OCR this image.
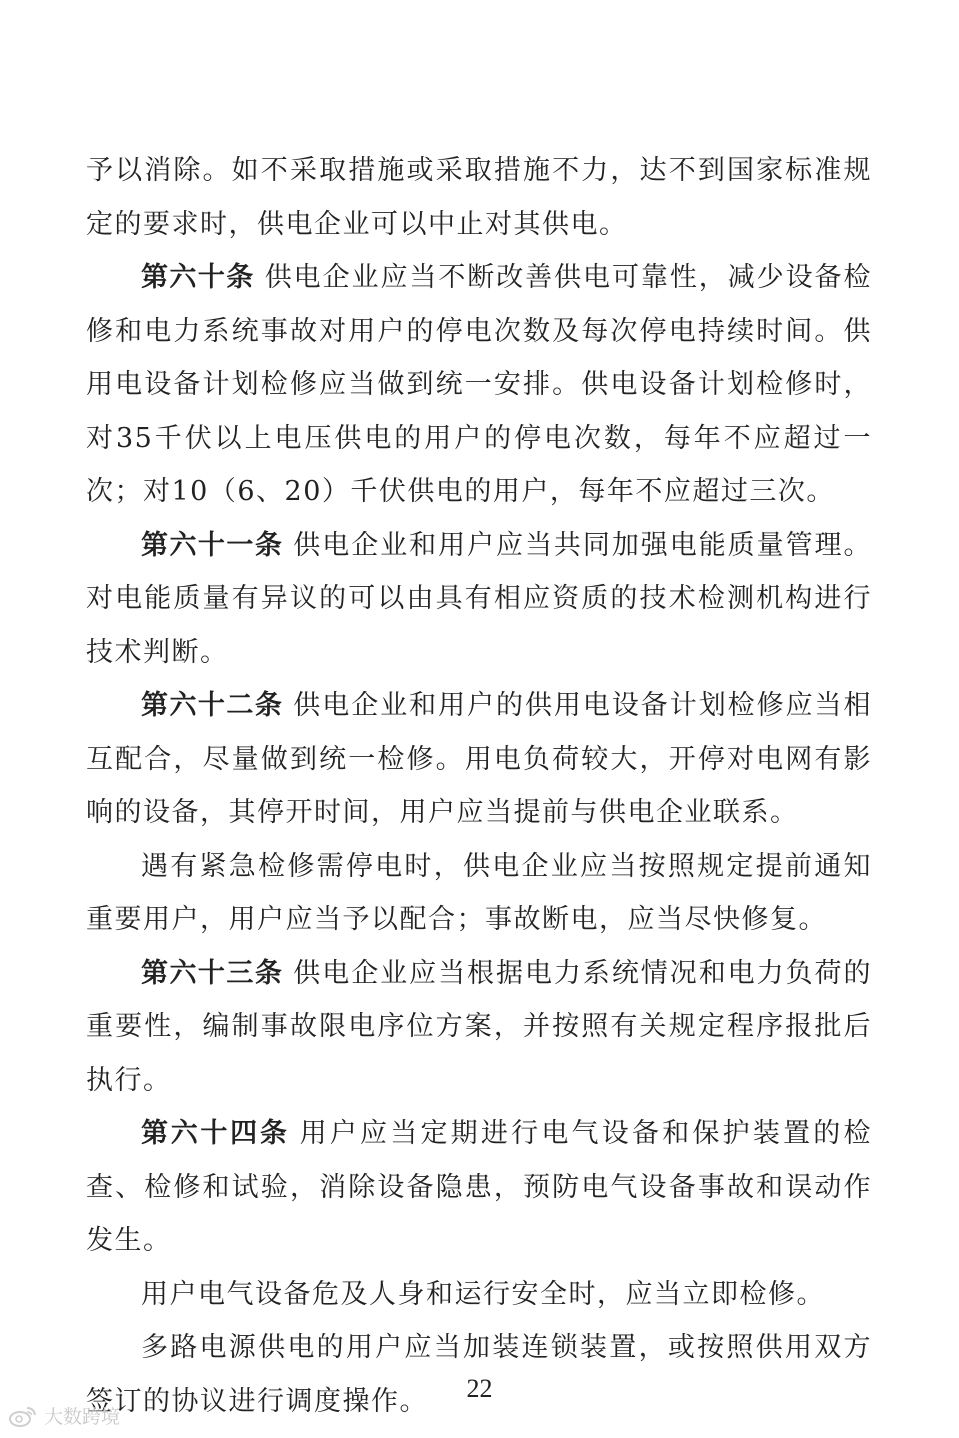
予以消除。如不采取措施或采取措施不力，达不到国家标准规定的要求时，供电企业可以中止对其供电。

第六十条 供电企业应当不断改善供电可靠性，减少设备检修和电力系统事故对用户的停电次数及每次停电持续时间。供用电设备计划检修应当做到统一安排。供电设备计划检修时，对35千伏以上电压供电的用户的停电次数，每年不应超过一次；对10（6、20）千伏供电的用户，每年不应超过三次。

第六十一条 供电企业和用户应当共同加强电能质量管理。对电能质量有异议的可以由具有相应资质的技术检测机构进行技术判断。

第六十二条 供电企业和用户的供用电设备计划检修应当相互配合，尽量做到统一检修。用电负荷较大，开停对电网有影响的设备，其停开时间，用户应当提前与供电企业联系。

遇有紧急检修需停电时，供电企业应当按照规定提前通知重要用户，用户应当予以配合；事故断电，应当尽快修复。

第六十三条 供电企业应当根据电力系统情况和电力负荷的重要性，编制事故限电序位方案，并按照有关规定程序报批后执行。

第六十四条 用户应当定期进行电气设备和保护装置的检查、检修和试验，消除设备隐患，预防电气设备事故和误动作发生。

用户电气设备危及人身和运行安全时，应当立即检修。

多路电源供电的用户应当加装连锁装置，或按照供用双方签订的协议进行调度操作。	22
大数跨境
